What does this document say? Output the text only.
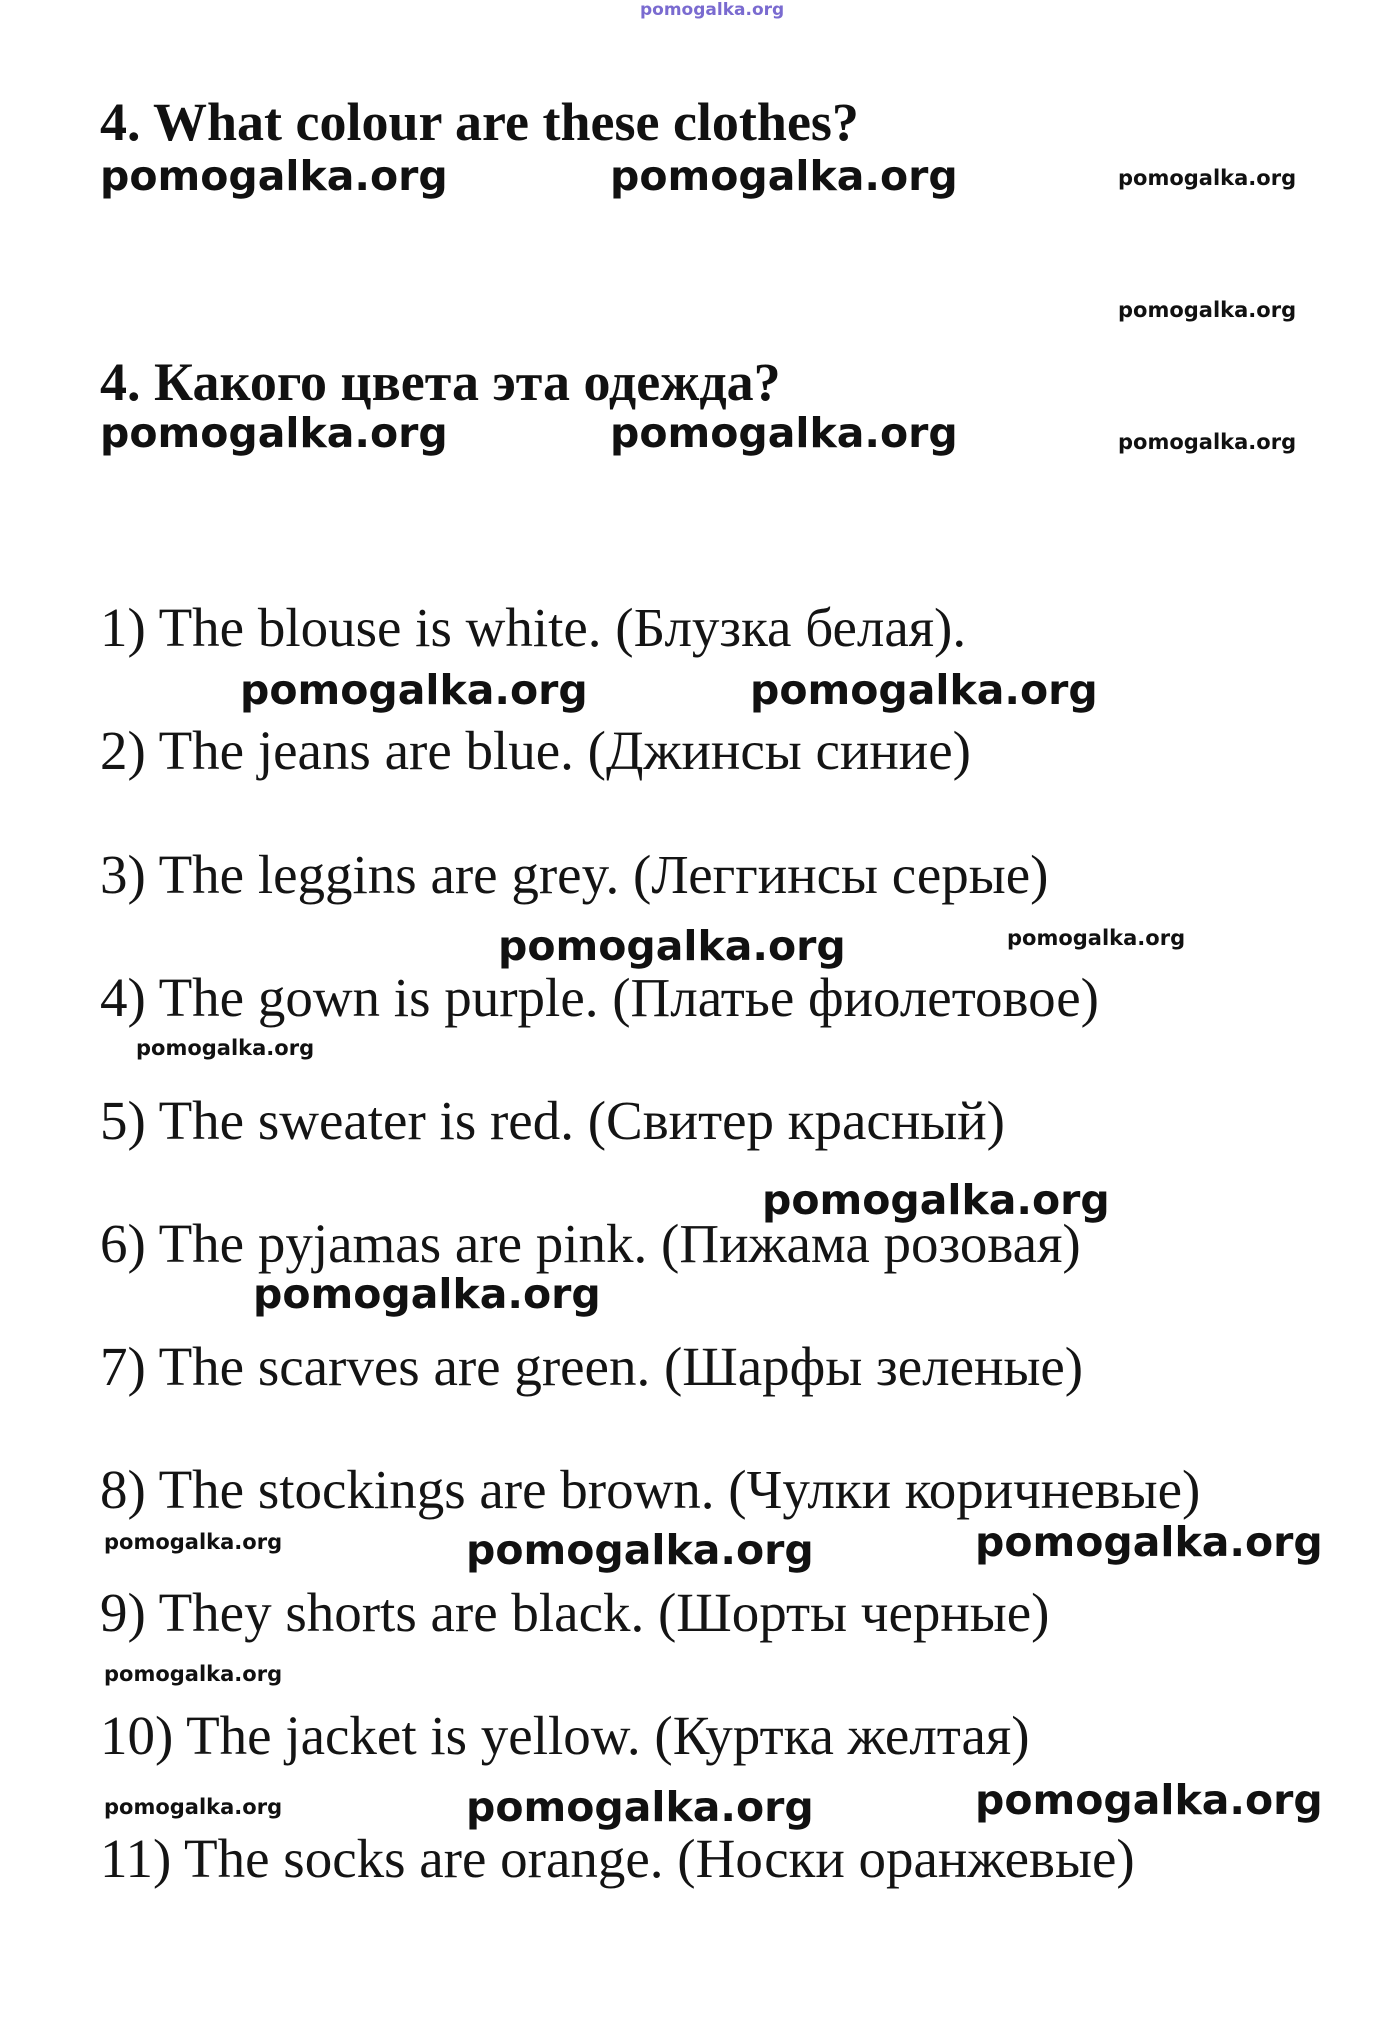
pomogalka.org
4. What colour are these clothes?
pomogalka.org	pomogalka.org	pomogalka.org
pomogalka.org
4. Какого цвета эта одежда?
pomogalka.org	pomogalka.org	pomogalka.org

1) The blouse is white. (Блузка белая).

pomogalka.org	pomogalka.org

2) The jeans are blue. (Джинсы синие)

3) The leggins are grey. (Леггинсы серые)

pomogalka.org	pomogalka.org

4) The gown is purple. (Платье фиолетовое)

pomogalka.org

5) The sweater is red. (Свитер красный)

pomogalka.org

6) The pyjamas are pink. (Пижама розовая)

pomogalka.org

7) The scarves are green. (Шарфы зеленые)

8) The stockings are brown. (Чулки коричневые)

pomogalka.org	pomogalka.org	pomogalka.org

9) They shorts are black. (Шорты черные)

pomogalka.org

10) The jacket is yellow. (Куртка желтая)

pomogalka.org	pomogalka.org	pomogalka.org

11) The socks are orange. (Носки оранжевые)
